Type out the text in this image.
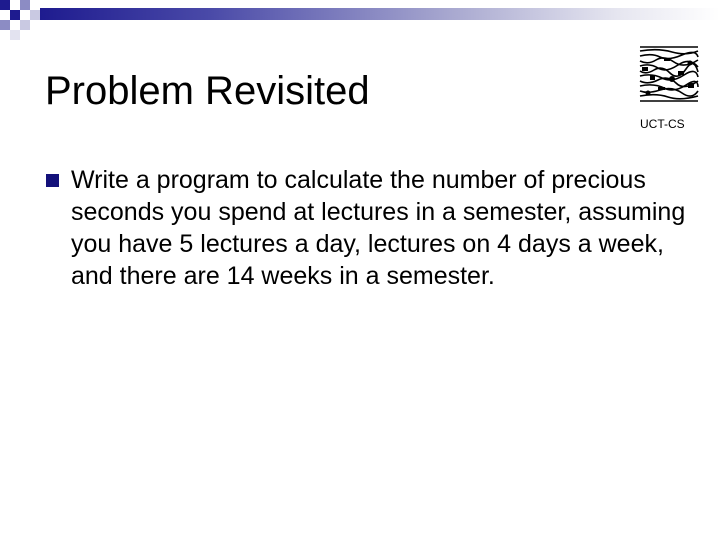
Problem Revisited
UCT-CS
Write a program to calculate the number of precious seconds you spend at lectures in a semester, assuming you have 5 lectures a day, lectures on 4 days a week, and there are 14 weeks in a semester.
